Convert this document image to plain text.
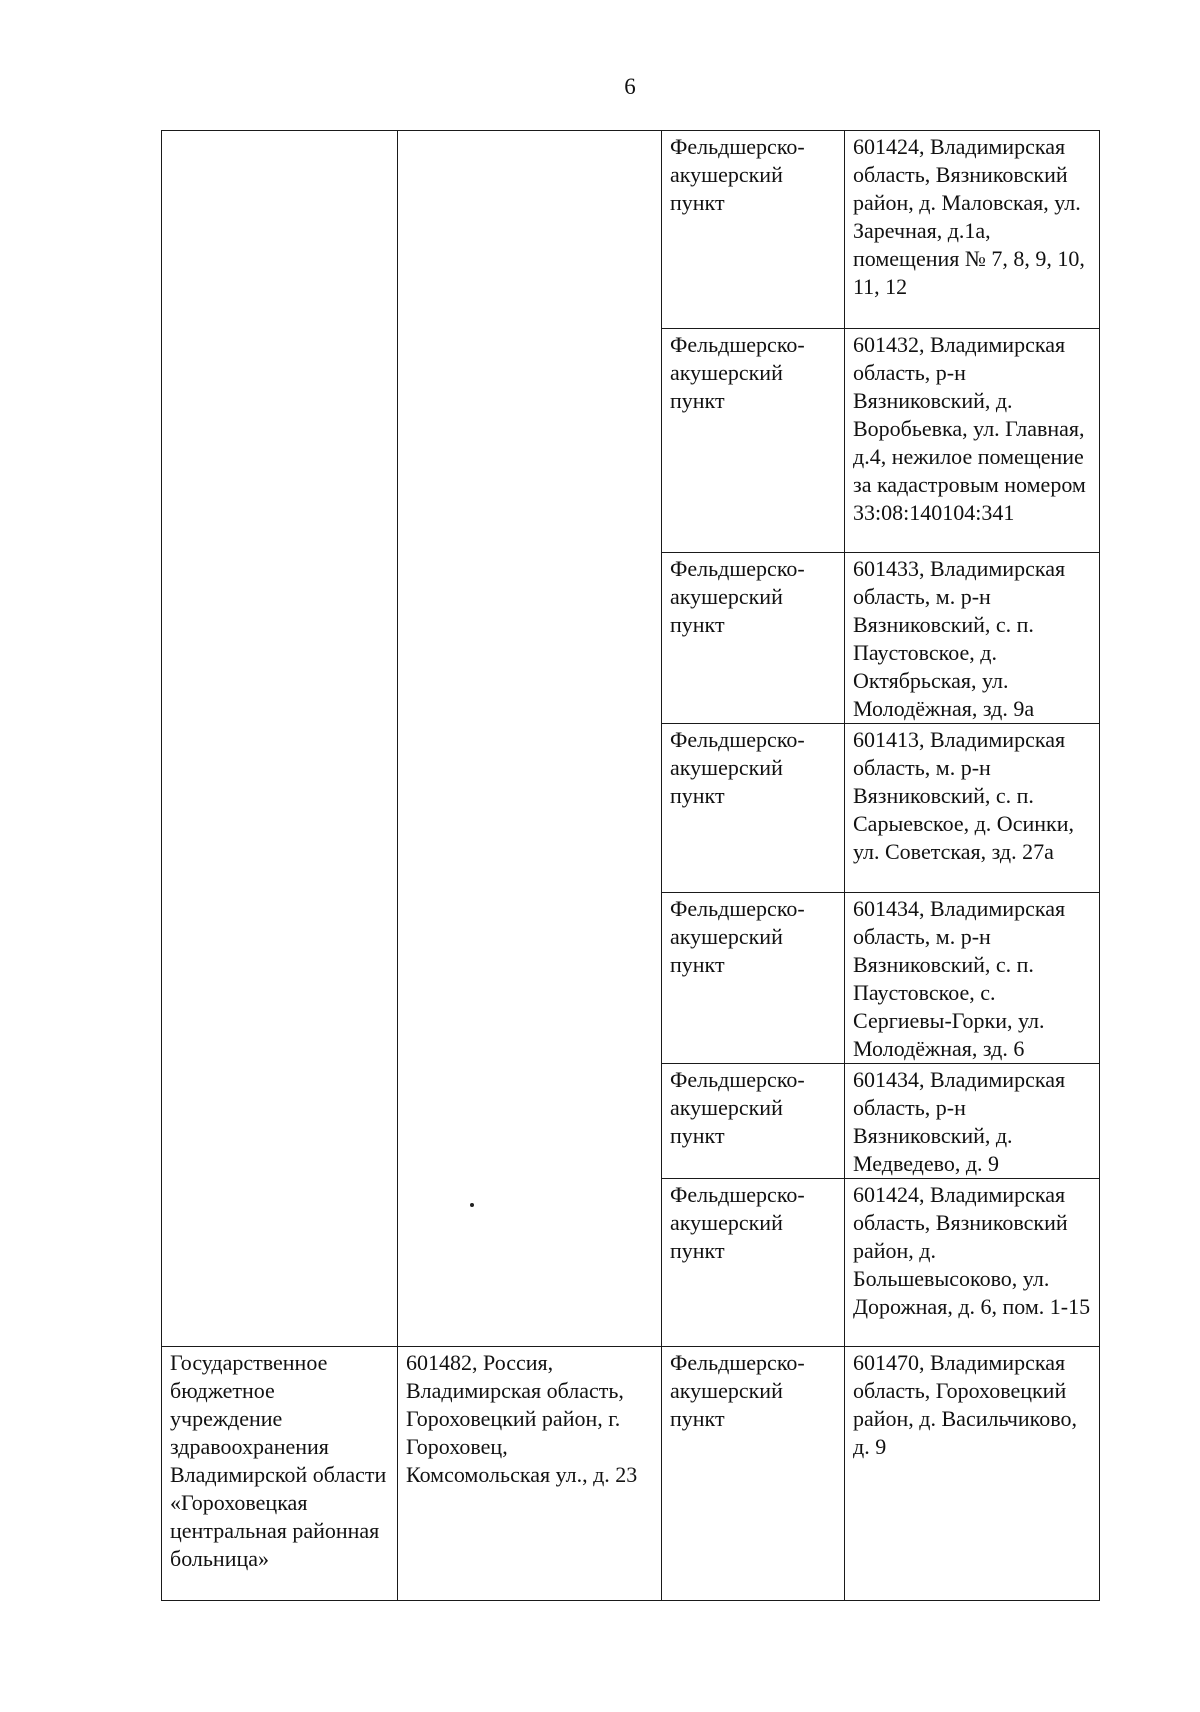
6
		Фельдшерско-акушерский пункт	601424, Владимирская область, Вязниковский район, д. Маловская, ул. Заречная, д.1а, помещения № 7, 8, 9, 10, 11, 12
		Фельдшерско-акушерский пункт	601432, Владимирская область, р-н Вязниковский, д. Воробьевка, ул. Главная, д.4, нежилое помещение за кадастровым номером 33:08:140104:341
		Фельдшерско-акушерский пункт	601433, Владимирская область, м. р-н Вязниковский, с. п. Паустовское, д. Октябрьская, ул. Молодёжная, зд. 9а
		Фельдшерско-акушерский пункт	601413, Владимирская область, м. р-н Вязниковский, с. п. Сарыевское, д. Осинки, ул. Советская, зд. 27а
		Фельдшерско-акушерский пункт	601434, Владимирская область, м. р-н Вязниковский, с. п. Паустовское, с. Сергиевы-Горки, ул. Молодёжная, зд. 6
		Фельдшерско-акушерский пункт	601434, Владимирская область, р-н Вязниковский, д. Медведево, д. 9
		Фельдшерско-акушерский пункт	601424, Владимирская область, Вязниковский район, д. Большевысоково, ул. Дорожная, д. 6, пом. 1-15
Государственное бюджетное учреждение здравоохранения Владимирской области «Гороховецкая центральная районная больница»	601482, Россия, Владимирская область, Гороховецкий район, г. Гороховец, Комсомольская ул., д. 23	Фельдшерско-акушерский пункт	601470, Владимирская область, Гороховецкий район, д. Васильчиково, д. 9
